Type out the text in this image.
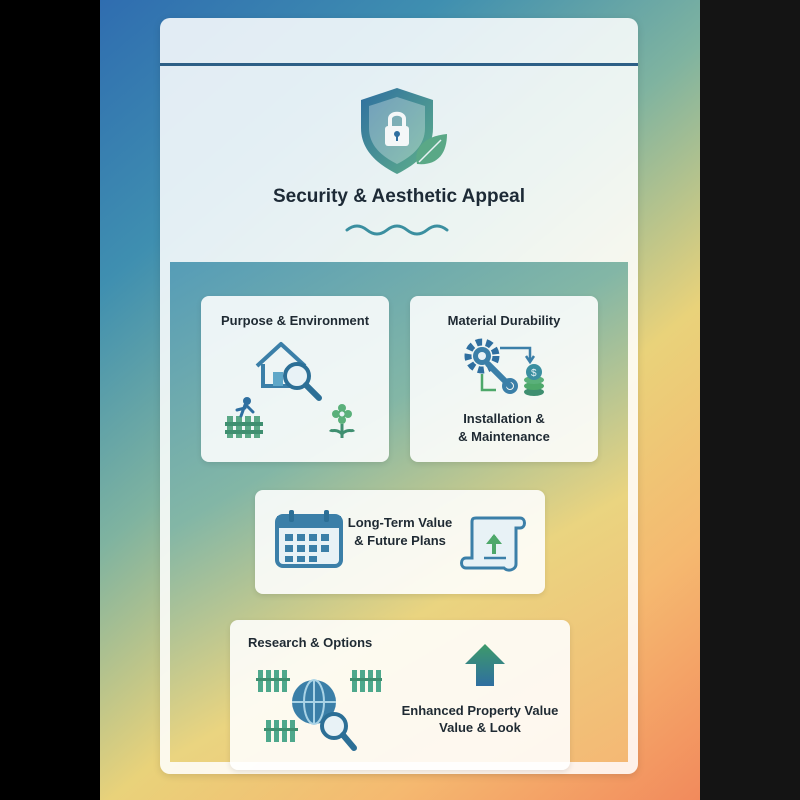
Security & Aesthetic Appeal
Purpose & Environment	Material Durability
$
Installation &
& Maintenance
Long-Term Value
& Future Plans
Research & Options
Enhanced Property Value
Value & Look
